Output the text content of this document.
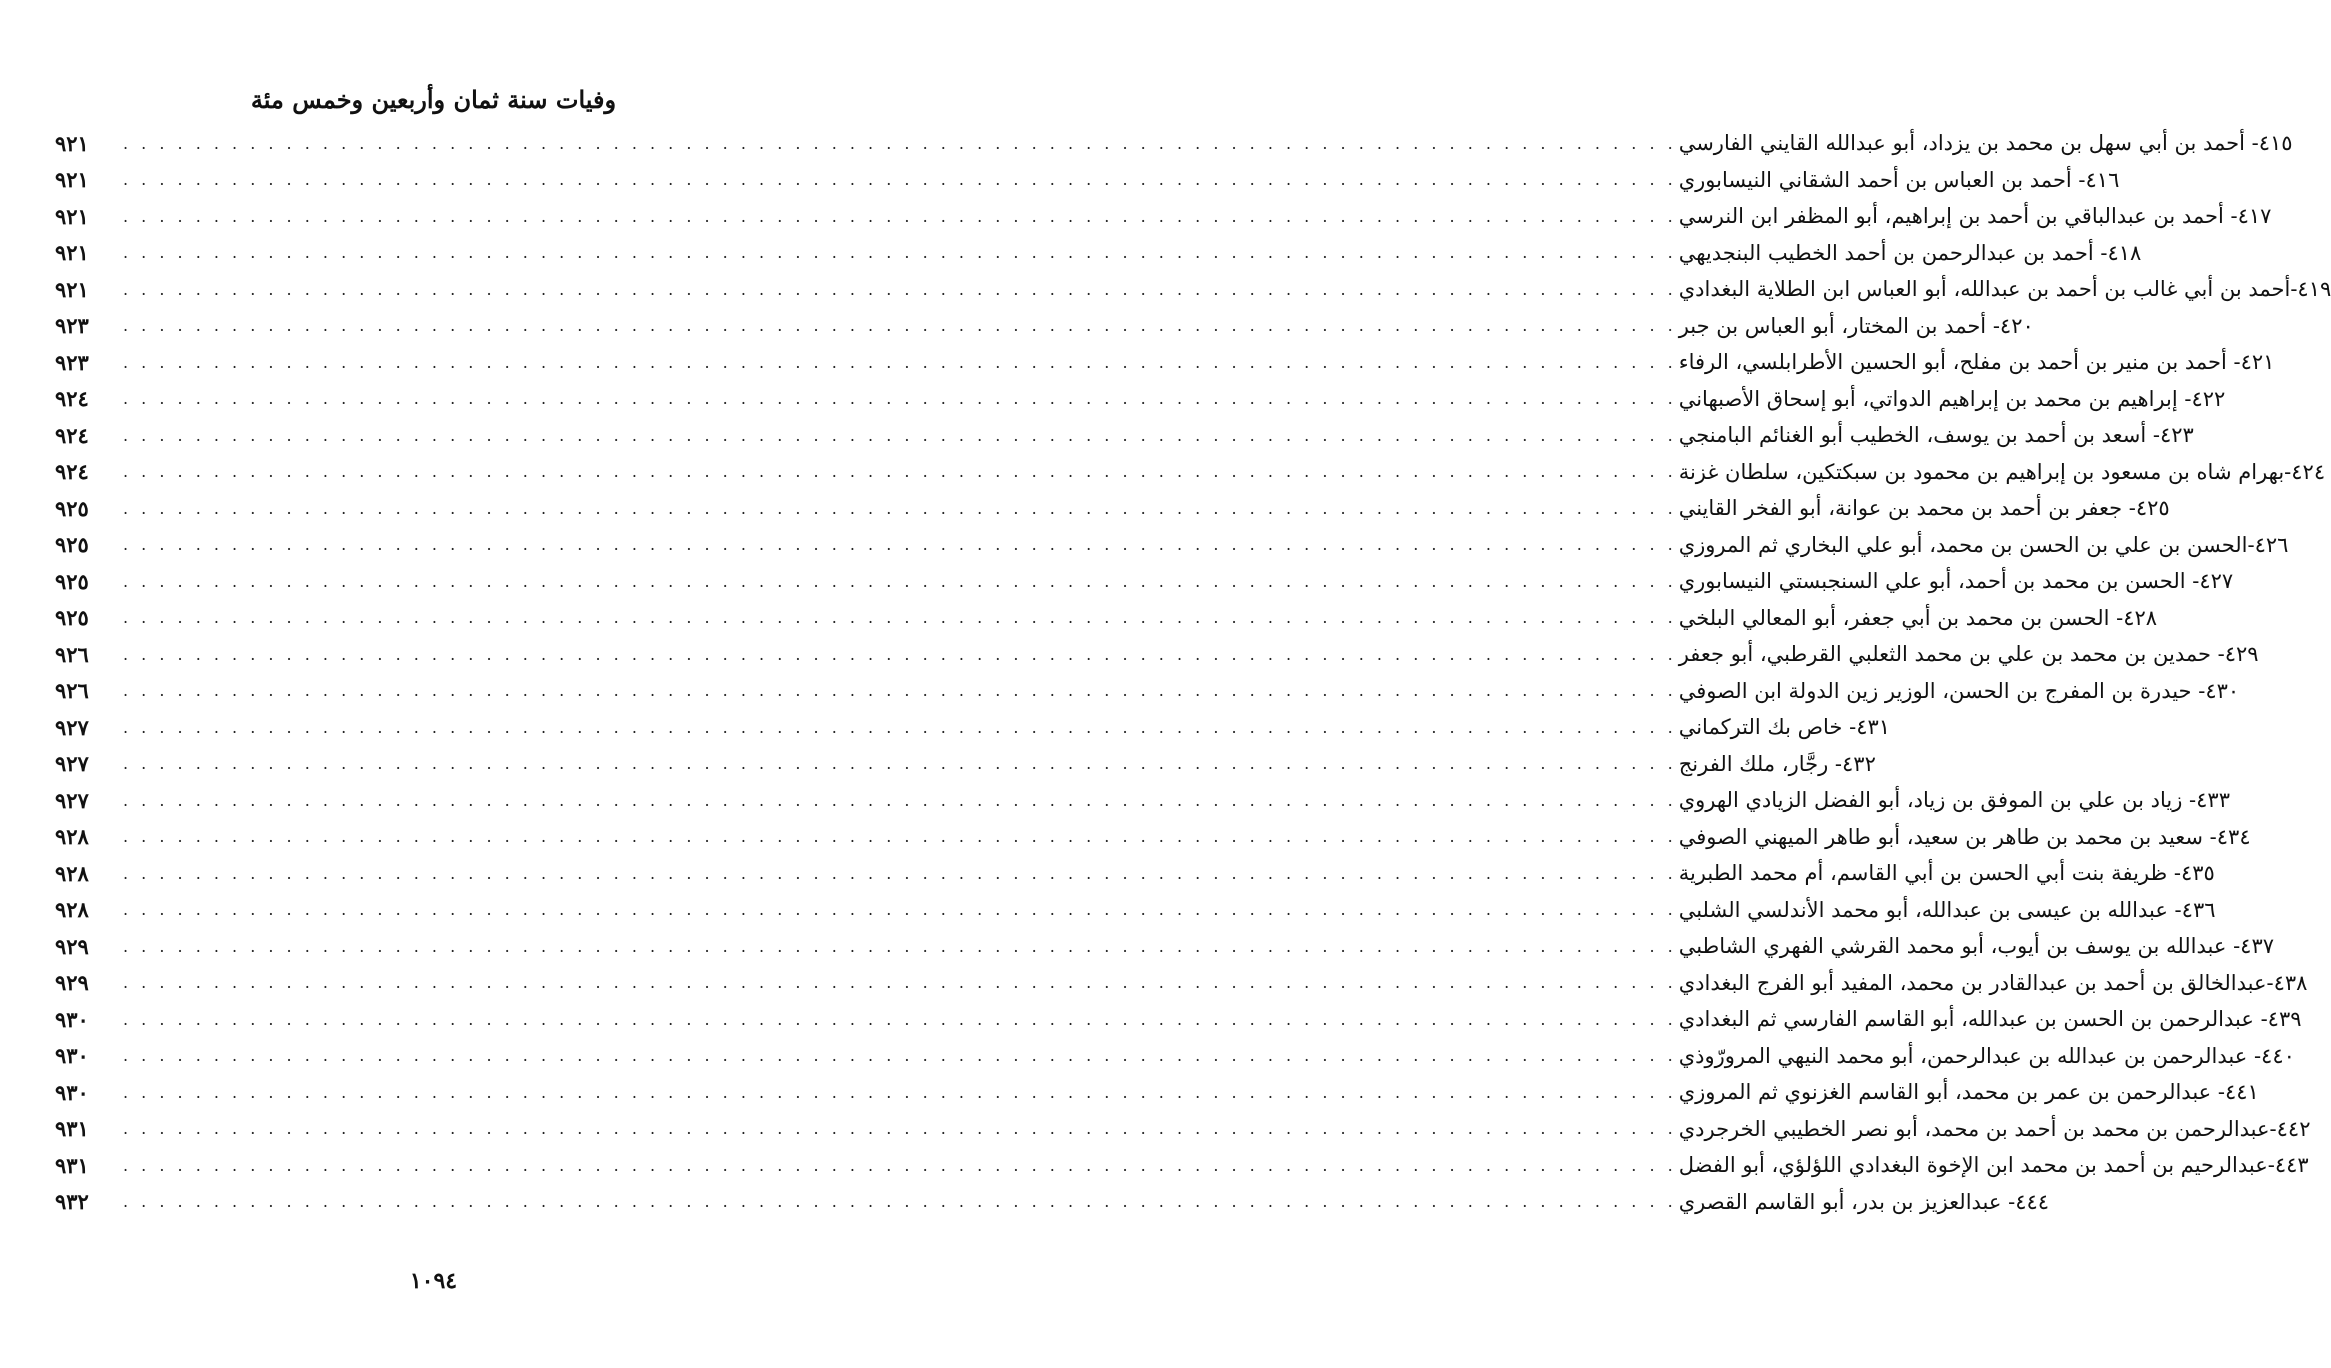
وفيات سنة ثمان وأربعين وخمس مئة
٩٢١ . . .	٤١٥- أحمد بن أبي سهل بن محمد بن يزداد، أبو عبدالله القايني الفارسي
٩٢١ . . .	٤١٦- أحمد بن العباس بن أحمد الشقاني النيسابوري
٩٢١ . . .	٤١٧- أحمد بن عبدالباقي بن أحمد بن إبراهيم، أبو المظفر ابن النرسي
٩٢١ . . .	٤١٨- أحمد بن عبدالرحمن بن أحمد الخطيب البنجديهي
٩٢١ . . .	٤١٩-أحمد بن أبي غالب بن أحمد بن عبدالله، أبو العباس ابن الطلاية البغدادي
٩٢٣ . . .	٤٢٠- أحمد بن المختار، أبو العباس بن جبر
٩٢٣ . . .	٤٢١- أحمد بن منير بن أحمد بن مفلح، أبو الحسين الأطرابلسي، الرفاء
٩٢٤ . . .	٤٢٢- إبراهيم بن محمد بن إبراهيم الدواتي، أبو إسحاق الأصبهاني
٩٢٤ . . .	٤٢٣- أسعد بن أحمد بن يوسف، الخطيب أبو الغنائم البامنجي
٩٢٤ . . .	٤٢٤-بهرام شاه بن مسعود بن إبراهيم بن محمود بن سبكتكين، سلطان غزنة
٩٢٥ . . .	٤٢٥- جعفر بن أحمد بن محمد بن عوانة، أبو الفخر القايني
٩٢٥ . . .	٤٢٦-الحسن بن علي بن الحسن بن محمد، أبو علي البخاري ثم المروزي
٩٢٥ . . .	٤٢٧- الحسن بن محمد بن أحمد، أبو علي السنجبستي النيسابوري
٩٢٥ . . .	٤٢٨- الحسن بن محمد بن أبي جعفر، أبو المعالي البلخي
٩٢٦ . . .	٤٢٩- حمدين بن محمد بن علي بن محمد الثعلبي القرطبي، أبو جعفر
٩٢٦ . . .	٤٣٠- حيدرة بن المفرج بن الحسن، الوزير زين الدولة ابن الصوفي
٩٢٧ . . .	٤٣١- خاص بك التركماني
٩٢٧ . . .	٤٣٢- رجَّار، ملك الفرنج
٩٢٧ . . .	٤٣٣- زياد بن علي بن الموفق بن زياد، أبو الفضل الزيادي الهروي
٩٢٨ . . .	٤٣٤- سعيد بن محمد بن طاهر بن سعيد، أبو طاهر الميهني الصوفي
٩٢٨ . . .	٤٣٥- ظريفة بنت أبي الحسن بن أبي القاسم، أم محمد الطبرية
٩٢٨ . . .	٤٣٦- عبدالله بن عيسى بن عبدالله، أبو محمد الأندلسي الشلبي
٩٢٩ . . .	٤٣٧- عبدالله بن يوسف بن أيوب، أبو محمد القرشي الفهري الشاطبي
٩٢٩ . . .	٤٣٨-عبدالخالق بن أحمد بن عبدالقادر بن محمد، المفيد أبو الفرج البغدادي
٩٣٠ . . .	٤٣٩- عبدالرحمن بن الحسن بن عبدالله، أبو القاسم الفارسي ثم البغدادي
٩٣٠ . . .	٤٤٠- عبدالرحمن بن عبدالله بن عبدالرحمن، أبو محمد النيهي المرورّوذي
٩٣٠ . . .	٤٤١- عبدالرحمن بن عمر بن محمد، أبو القاسم الغزنوي ثم المروزي
٩٣١ . . .	٤٤٢-عبدالرحمن بن محمد بن أحمد بن محمد، أبو نصر الخطيبي الخرجردي
٩٣١ . . .	٤٤٣-عبدالرحيم بن أحمد بن محمد ابن الإخوة البغدادي اللؤلؤي، أبو الفضل
٩٣٢ . . .	٤٤٤- عبدالعزيز بن بدر، أبو القاسم القصري
١٠٩٤
